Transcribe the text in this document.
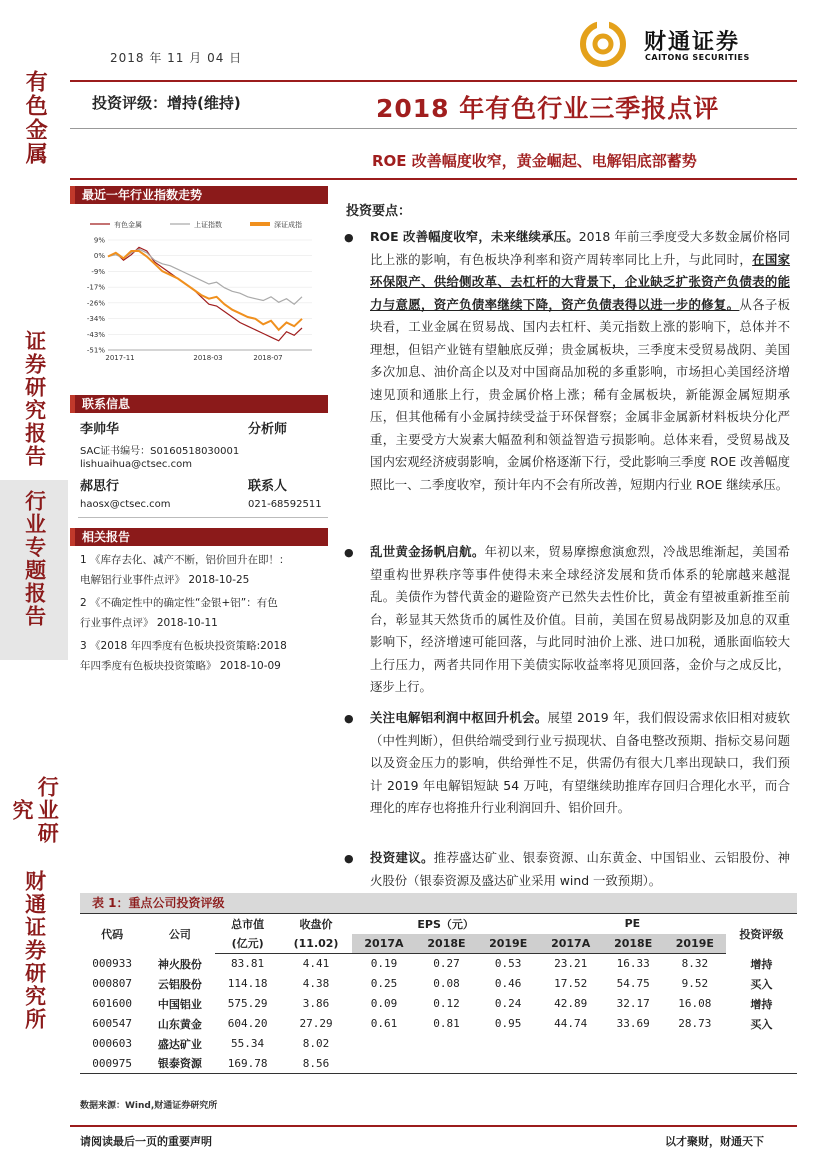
有色金属
证券研究报告
行业专题报告
行业研究
财通证券研究所
2018 年 11 月 04 日
财通证券
CAITONG SECURITIES
投资评级：增持(维持)	2018 年有色行业三季报点评
ROE 改善幅度收窄，黄金崛起、电解铝底部蓄势
最近一年行业指数走势
有色金属	上证指数	深证成指
9%
0%
-9%
-17%
-26%
-34%
-43%
-51%
2017-11	2018-03	2018-07
联系信息
李帅华	分析师
SAC证书编号：S0160518030001
lishuaihua@ctsec.com
郝思行	联系人
haosx@ctsec.com	021-68592511
相关报告
1 《库存去化、减产不断，铝价回升在即！：
电解铝行业事件点评》 2018-10-25
2 《不确定性中的确定性“金银+铝”：有色
行业事件点评》 2018-10-11
3 《2018 年四季度有色板块投资策略:2018
年四季度有色板块投资策略》 2018-10-09
投资要点：
● ROE 改善幅度收窄，未来继续承压。2018 年前三季度受大多数金属价格同比上涨的影响，有色板块净利率和资产周转率同比上升，与此同时，在国家环保限产、供给侧改革、去杠杆的大背景下，企业缺乏扩张资产负债表的能力与意愿，资产负债率继续下降，资产负债表得以进一步的修复。从各子板块看，工业金属在贸易战、国内去杠杆、美元指数上涨的影响下，总体并不理想，但铝产业链有望触底反弹；贵金属板块，三季度末受贸易战阴、美国多次加息、油价高企以及对中国商品加税的多重影响，市场担心美国经济增速见顶和通胀上行，贵金属价格上涨；稀有金属板块，新能源金属短期承压，但其他稀有小金属持续受益于环保督察；金属非金属新材料板块分化严重，主要受方大炭素大幅盈利和领益智造亏损影响。总体来看，受贸易战及国内宏观经济疲弱影响，金属价格逐渐下行，受此影响三季度 ROE 改善幅度照比一、二季度收窄，预计年内不会有所改善，短期内行业 ROE 继续承压。
● 乱世黄金扬帆启航。年初以来，贸易摩擦愈演愈烈，冷战思维渐起，美国希望重构世界秩序等事件使得未来全球经济发展和货币体系的轮廓越来越混乱。美债作为替代黄金的避险资产已然失去性价比，黄金有望被重新推至前台，彰显其天然货币的属性及价值。目前，美国在贸易战阴影及加息的双重影响下，经济增速可能回落，与此同时油价上涨、进口加税，通胀面临较大上行压力，两者共同作用下美债实际收益率将见顶回落，金价与之成反比，逐步上行。
● 关注电解铝利润中枢回升机会。展望 2019 年，我们假设需求依旧相对疲软（中性判断），但供给端受到行业亏损现状、自备电整改预期、指标交易问题以及资金压力的影响，供给弹性不足，供需仍有很大几率出现缺口，我们预计 2019 年电解铝短缺 54 万吨，有望继续助推库存回归合理化水平，而合理化的库存也将推升行业利润回升、铝价回升。
● 投资建议。推荐盛达矿业、银泰资源、山东黄金、中国铝业、云铝股份、神火股份（银泰资源及盛达矿业采用 wind 一致预期）。
表 1：重点公司投资评级
代码	公司	总市值	收盘价	EPS（元）			PE			投资评级
		(亿元)	(11.02)	2017A	2018E	2019E	2017A	2018E	2019E	
000933	神火股份	83.81	4.41	0.19	0.27	0.53	23.21	16.33	8.32	增持
000807	云铝股份	114.18	4.38	0.25	0.08	0.46	17.52	54.75	9.52	买入
601600	中国铝业	575.29	3.86	0.09	0.12	0.24	42.89	32.17	16.08	增持
600547	山东黄金	604.20	27.29	0.61	0.81	0.95	44.74	33.69	28.73	买入
000603	盛达矿业	55.34	8.02							
000975	银泰资源	169.78	8.56							
数据来源：Wind,财通证券研究所
请阅读最后一页的重要声明	以才聚财，财通天下
